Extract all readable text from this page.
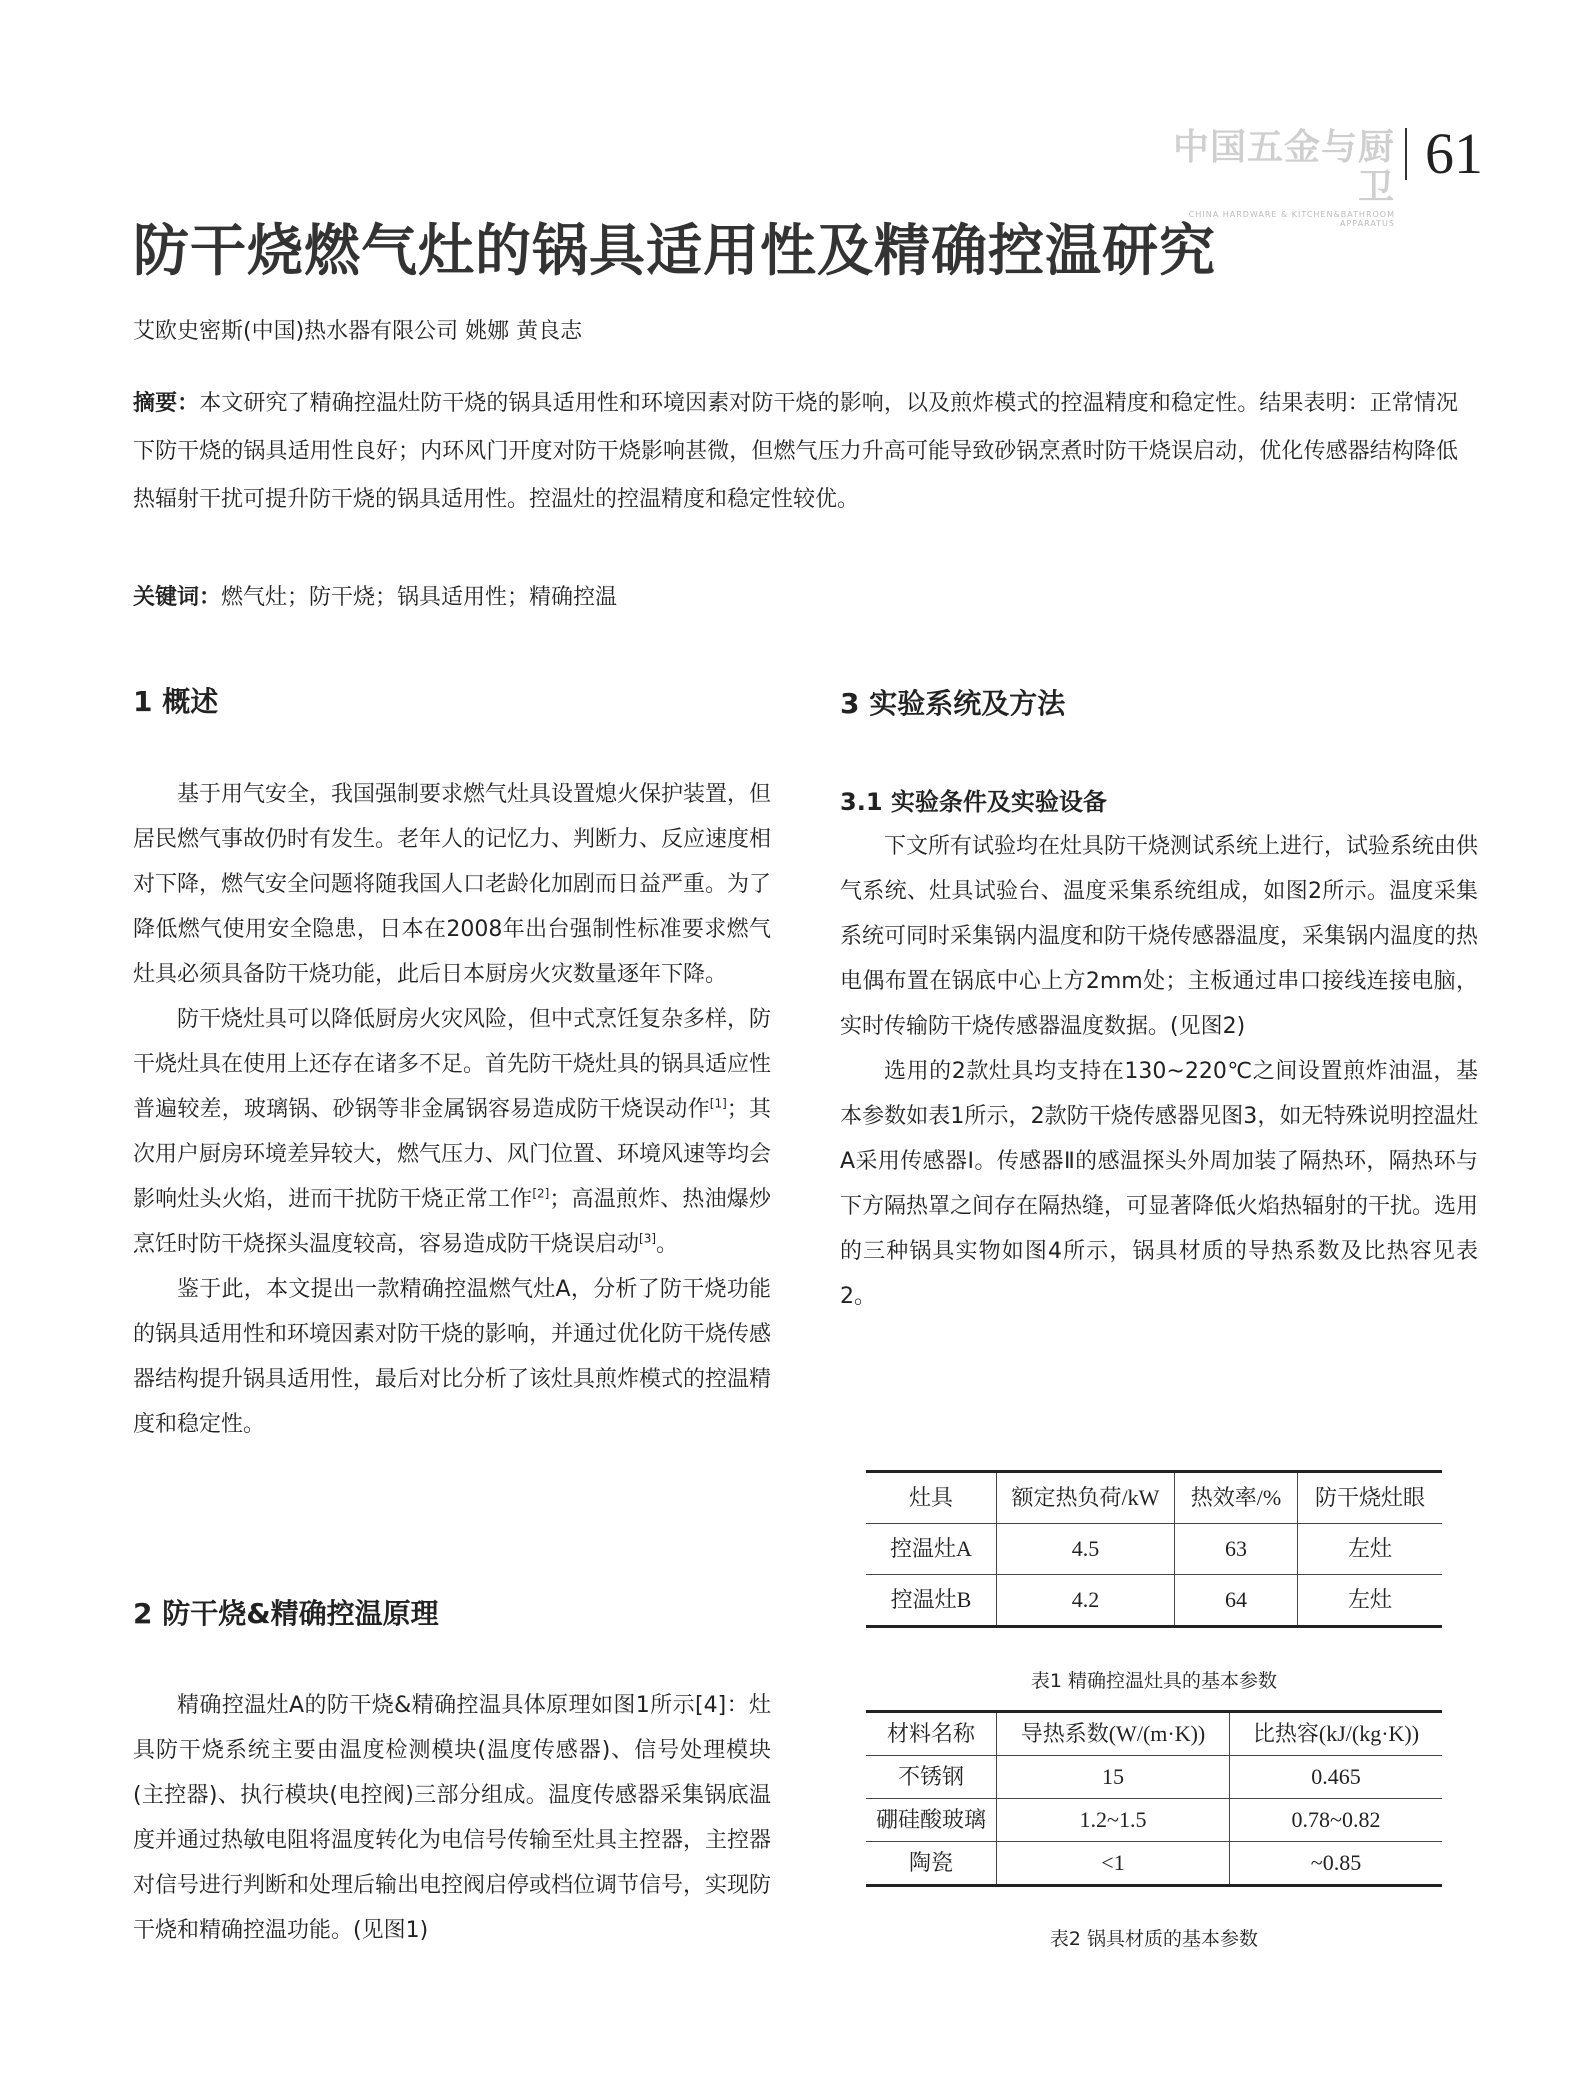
中国五金与厨卫
CHINA HARDWARE & KITCHEN&BATHROOM APPARATUS
61
防干烧燃气灶的锅具适用性及精确控温研究
艾欧史密斯(中国)热水器有限公司 姚娜 黄良志
摘要：本文研究了精确控温灶防干烧的锅具适用性和环境因素对防干烧的影响，以及煎炸模式的控温精度和稳定性。结果表明：正常情况下防干烧的锅具适用性良好；内环风门开度对防干烧影响甚微，但燃气压力升高可能导致砂锅烹煮时防干烧误启动，优化传感器结构降低热辐射干扰可提升防干烧的锅具适用性。控温灶的控温精度和稳定性较优。
关键词：燃气灶；防干烧；锅具适用性；精确控温
1 概述

基于用气安全，我国强制要求燃气灶具设置熄火保护装置，但居民燃气事故仍时有发生。老年人的记忆力、判断力、反应速度相对下降，燃气安全问题将随我国人口老龄化加剧而日益严重。为了降低燃气使用安全隐患，日本在2008年出台强制性标准要求燃气灶具必须具备防干烧功能，此后日本厨房火灾数量逐年下降。

防干烧灶具可以降低厨房火灾风险，但中式烹饪复杂多样，防干烧灶具在使用上还存在诸多不足。首先防干烧灶具的锅具适应性普遍较差，玻璃锅、砂锅等非金属锅容易造成防干烧误动作[1]；其次用户厨房环境差异较大，燃气压力、风门位置、环境风速等均会影响灶头火焰，进而干扰防干烧正常工作[2]；高温煎炸、热油爆炒烹饪时防干烧探头温度较高，容易造成防干烧误启动[3]。

鉴于此，本文提出一款精确控温燃气灶A，分析了防干烧功能的锅具适用性和环境因素对防干烧的影响，并通过优化防干烧传感器结构提升锅具适用性，最后对比分析了该灶具煎炸模式的控温精度和稳定性。

2 防干烧&精确控温原理

精确控温灶A的防干烧&精确控温具体原理如图1所示[4]：灶具防干烧系统主要由温度检测模块(温度传感器)、信号处理模块(主控器)、执行模块(电控阀)三部分组成。温度传感器采集锅底温度并通过热敏电阻将温度转化为电信号传输至灶具主控器，主控器对信号进行判断和处理后输出电控阀启停或档位调节信号，实现防干烧和精确控温功能。(见图1)

3 实验系统及方法
3.1 实验条件及实验设备

下文所有试验均在灶具防干烧测试系统上进行，试验系统由供气系统、灶具试验台、温度采集系统组成，如图2所示。温度采集系统可同时采集锅内温度和防干烧传感器温度，采集锅内温度的热电偶布置在锅底中心上方2mm处；主板通过串口接线连接电脑，实时传输防干烧传感器温度数据。(见图2)

选用的2款灶具均支持在130~220℃之间设置煎炸油温，基本参数如表1所示，2款防干烧传感器见图3，如无特殊说明控温灶A采用传感器Ⅰ。传感器Ⅱ的感温探头外周加装了隔热环，隔热环与下方隔热罩之间存在隔热缝，可显著降低火焰热辐射的干扰。选用的三种锅具实物如图4所示，锅具材质的导热系数及比热容见表2。

灶具	额定热负荷/kW	热效率/%	防干烧灶眼
控温灶A	4.5	63	左灶
控温灶B	4.2	64	左灶
表1 精确控温灶具的基本参数
材料名称	导热系数(W/(m·K))	比热容(kJ/(kg·K))
不锈钢	15	0.465
硼硅酸玻璃	1.2~1.5	0.78~0.82
陶瓷	<1	~0.85
表2 锅具材质的基本参数
